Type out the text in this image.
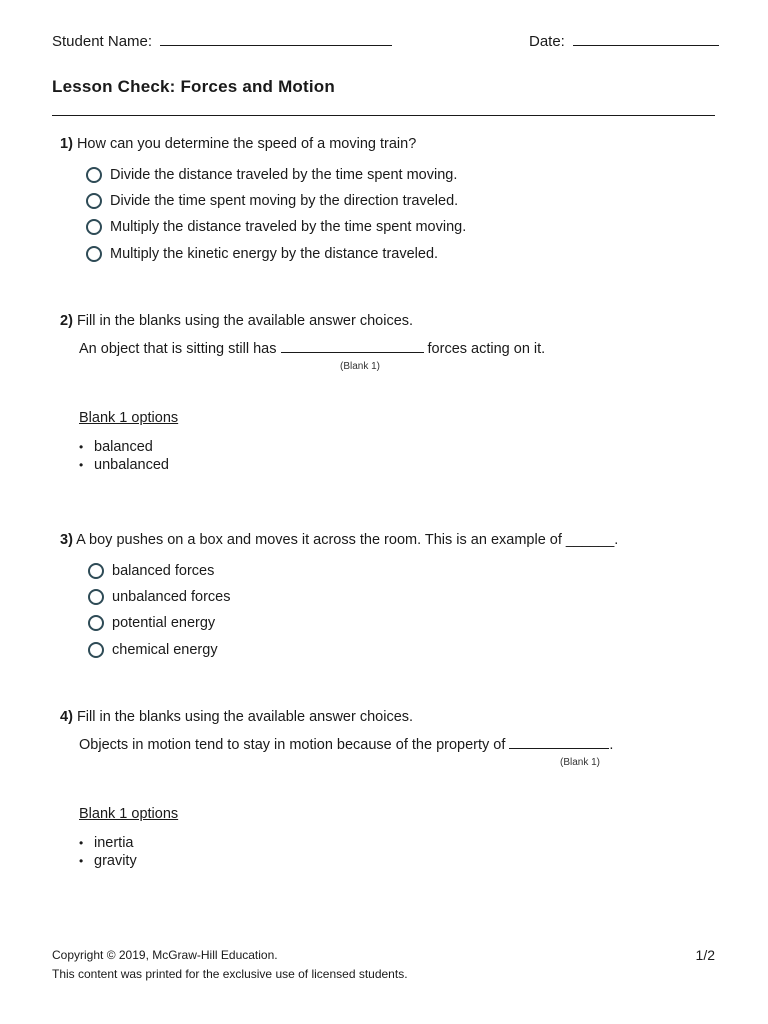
Student Name:	Date:
Lesson Check: Forces and Motion
1) How can you determine the speed of a moving train?
Divide the distance traveled by the time spent moving.
Divide the time spent moving by the direction traveled.
Multiply the distance traveled by the time spent moving.
Multiply the kinetic energy by the distance traveled.
2) Fill in the blanks using the available answer choices.
An object that is sitting still has	forces acting on it.
(Blank 1)
Blank 1 options
• balanced
• unbalanced
3) A boy pushes on a box and moves it across the room. This is an example of ______.
balanced forces
unbalanced forces
potential energy
chemical energy
4) Fill in the blanks using the available answer choices.
Objects in motion tend to stay in motion because of the property of	.
(Blank 1)
Blank 1 options
• inertia
• gravity
Copyright © 2019, McGraw-Hill Education.
This content was printed for the exclusive use of licensed students.
1/2
